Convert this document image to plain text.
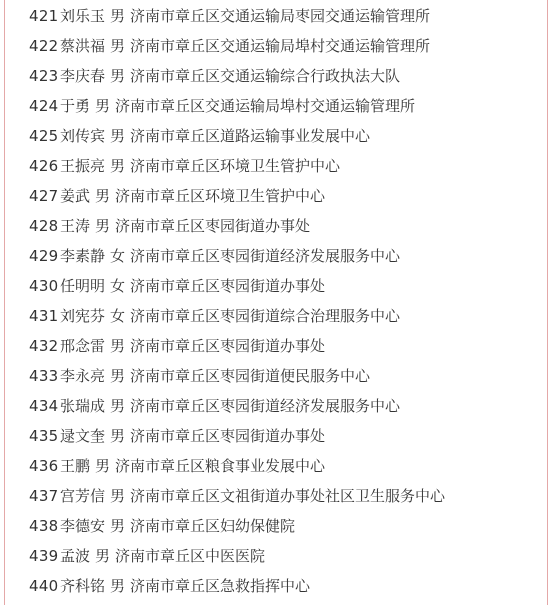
421刘乐玉 男 济南市章丘区交通运输局枣园交通运输管理所
422蔡洪福 男 济南市章丘区交通运输局埠村交通运输管理所
423李庆春 男 济南市章丘区交通运输综合行政执法大队
424于勇 男 济南市章丘区交通运输局埠村交通运输管理所
425刘传宾 男 济南市章丘区道路运输事业发展中心
426王振亮 男 济南市章丘区环境卫生管护中心
427姜武 男 济南市章丘区环境卫生管护中心
428王涛 男 济南市章丘区枣园街道办事处
429李素静 女 济南市章丘区枣园街道经济发展服务中心
430任明明 女 济南市章丘区枣园街道办事处
431刘宪芬 女 济南市章丘区枣园街道综合治理服务中心
432邢念雷 男 济南市章丘区枣园街道办事处
433李永亮 男 济南市章丘区枣园街道便民服务中心
434张瑞成 男 济南市章丘区枣园街道经济发展服务中心
435逯文奎 男 济南市章丘区枣园街道办事处
436王鹏 男 济南市章丘区粮食事业发展中心
437宫芳信 男 济南市章丘区文祖街道办事处社区卫生服务中心
438李德安 男 济南市章丘区妇幼保健院
439孟波 男 济南市章丘区中医医院
440齐科铭 男 济南市章丘区急救指挥中心
